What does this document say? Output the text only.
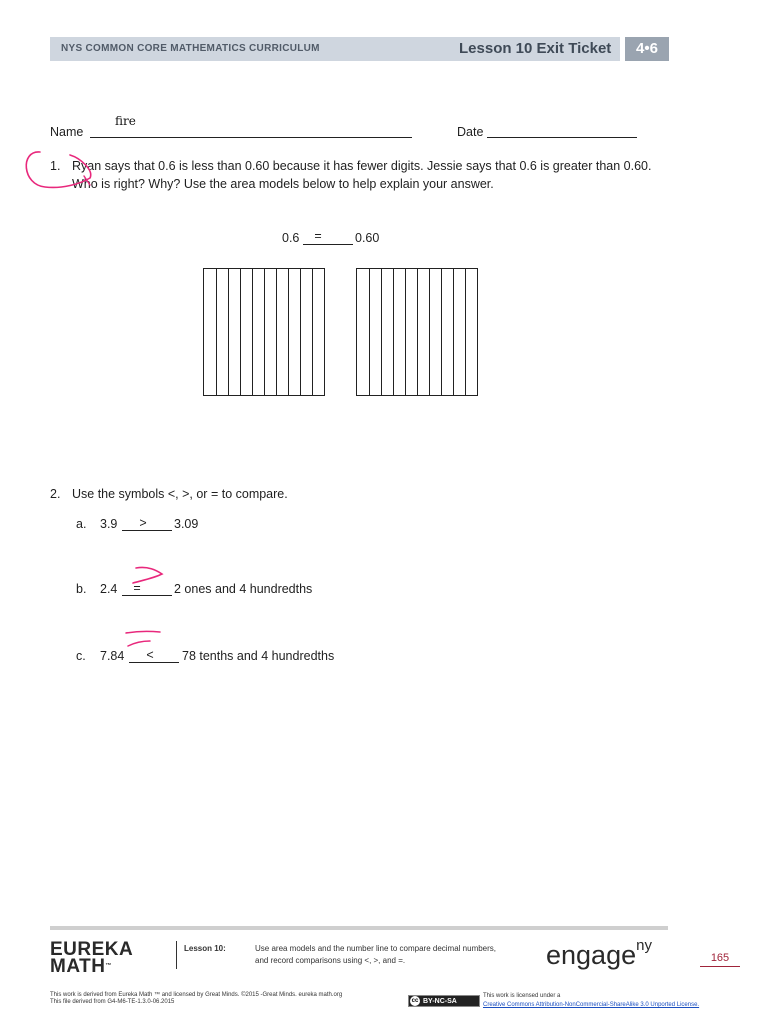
NYS COMMON CORE MATHEMATICS CURRICULUM	Lesson 10 Exit Ticket	4•6
Name
fire
Date
1. Ryan says that 0.6 is less than 0.60 because it has fewer digits. Jessie says that 0.6 is greater than 0.60.
Who is right? Why? Use the area models below to help explain your answer.
0.6 =	0.60
2. Use the symbols <, >, or = to compare.
a. 3.9 > 3.09
b. 2.4 =	2 ones and 4 hundredths
c. 7.84 < 78 tenths and 4 hundredths
EUREKA
MATH™
Lesson 10:	Use area models and the number line to compare decimal numbers,
and record comparisons using <, >, and =.	engage$^{ny}$
165
This work is derived from Eureka Math ™ and licensed by Great Minds. ©2015 -Great Minds. eureka math.org
This file derived from G4-M6-TE-1.3.0-06.2015	cc BY-NC-SA
This work is licensed under a
Creative Commons Attribution-NonCommercial-ShareAlike 3.0 Unported License.
